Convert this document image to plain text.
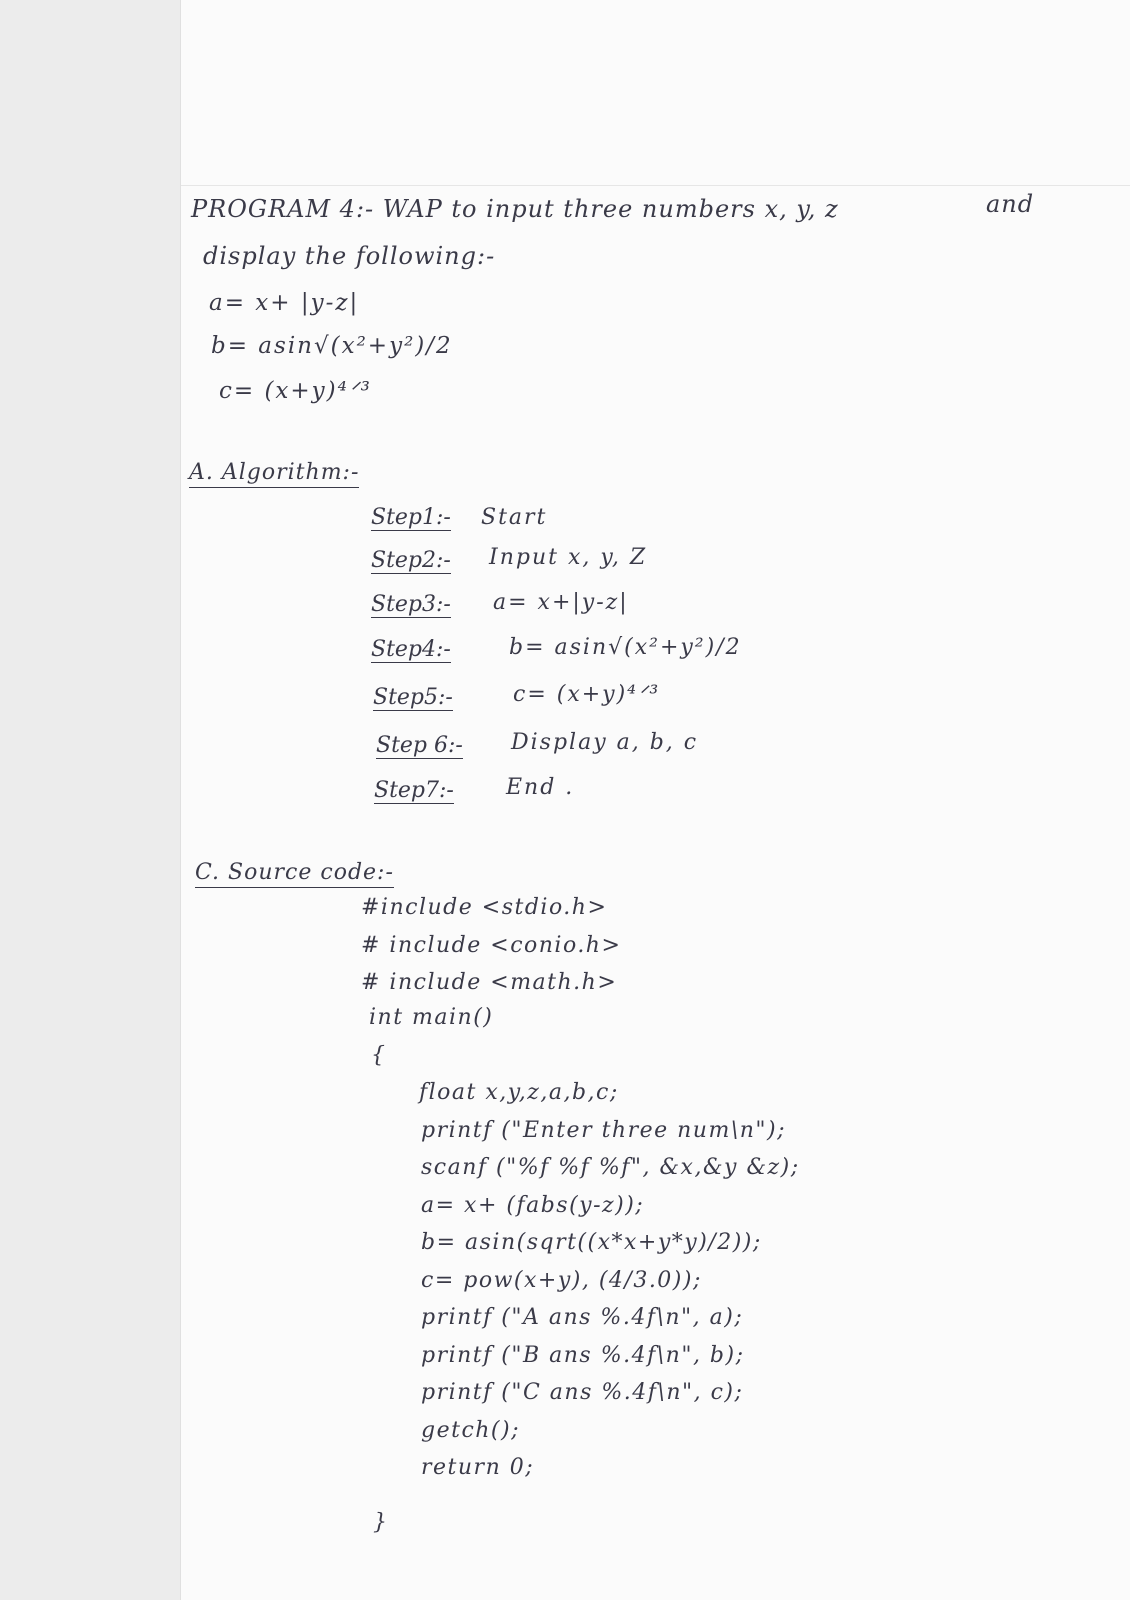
PROGRAM 4:- WAP to input three numbers x, y, z	and
display the following:-
a= x+ |y-z|
b= asin√(x²+y²)/2
c= (x+y)⁴ᐟ³
A. Algorithm:-
Step1:- Start
Step2:- Input x, y, Z
Step3:- a= x+|y-z|
Step4:-	b= asin√(x²+y²)/2
Step5:-	c= (x+y)⁴ᐟ³
Step 6:- Display a, b, c
Step7:- End .
C. Source code:-
#include <stdio.h>
# include <conio.h>
# include <math.h>
int main()
{
float x,y,z,a,b,c;
printf ("Enter three num\n");
scanf ("%f %f %f", &x,&y &z);
a= x+ (fabs(y-z));
b= asin(sqrt((x*x+y*y)/2));
c= pow(x+y), (4/3.0));
printf ("A ans %.4f\n", a);
printf ("B ans %.4f\n", b);
printf ("C ans %.4f\n", c);
getch();
return 0;
}
